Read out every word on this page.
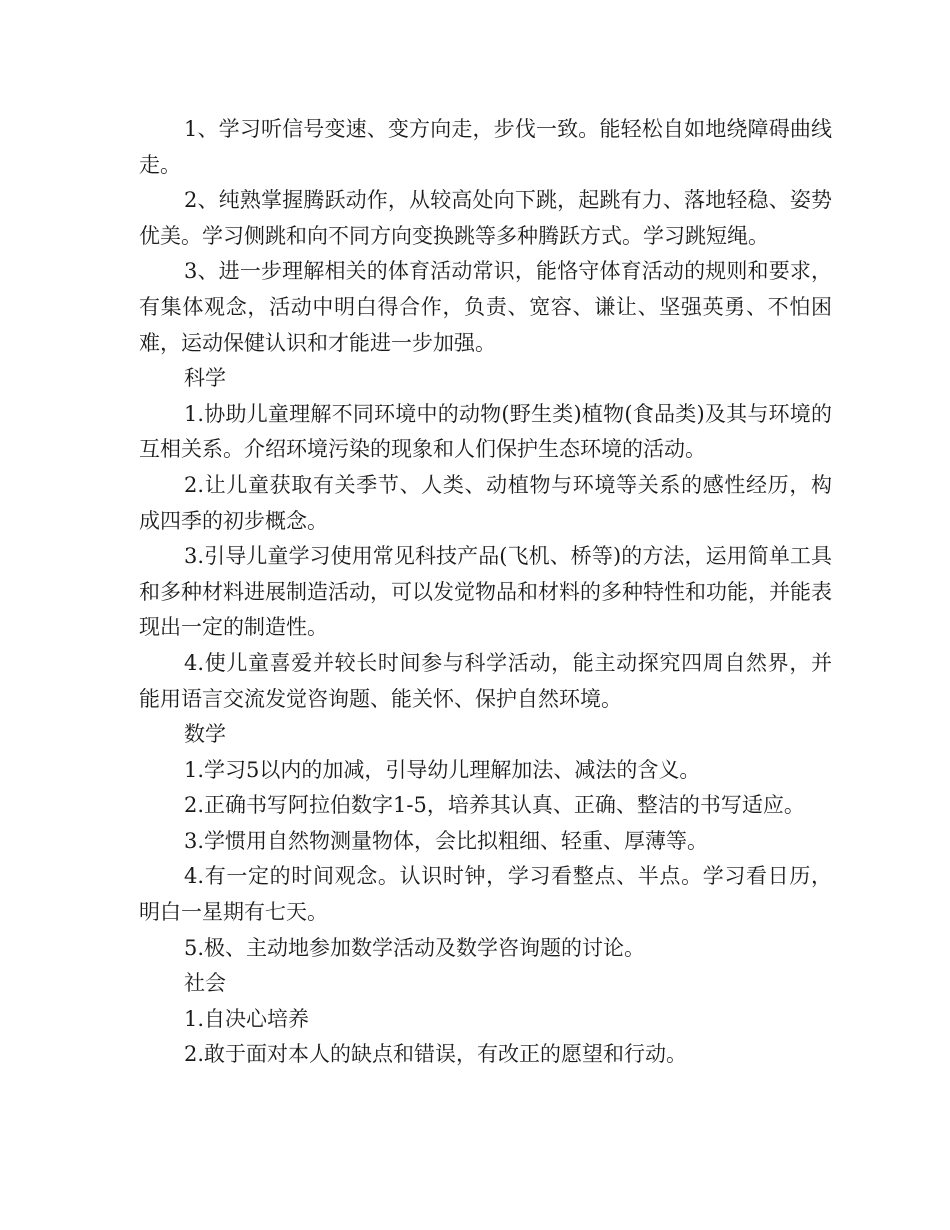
1、学习听信号变速、变方向走，步伐一致。能轻松自如地绕障碍曲线走。

2、纯熟掌握腾跃动作，从较高处向下跳，起跳有力、落地轻稳、姿势优美。学习侧跳和向不同方向变换跳等多种腾跃方式。学习跳短绳。

3、进一步理解相关的体育活动常识，能恪守体育活动的规则和要求，有集体观念，活动中明白得合作，负责、宽容、谦让、坚强英勇、不怕困难，运动保健认识和才能进一步加强。

科学

1.协助儿童理解不同环境中的动物(野生类)植物(食品类)及其与环境的互相关系。介绍环境污染的现象和人们保护生态环境的活动。

2.让儿童获取有关季节、人类、动植物与环境等关系的感性经历，构成四季的初步概念。

3.引导儿童学习使用常见科技产品(飞机、桥等)的方法，运用简单工具和多种材料进展制造活动，可以发觉物品和材料的多种特性和功能，并能表现出一定的制造性。

4.使儿童喜爱并较长时间参与科学活动，能主动探究四周自然界，并能用语言交流发觉咨询题、能关怀、保护自然环境。

数学

1.学习5以内的加减，引导幼儿理解加法、减法的含义。

2.正确书写阿拉伯数字1-5，培养其认真、正确、整洁的书写适应。

3.学惯用自然物测量物体，会比拟粗细、轻重、厚薄等。

4.有一定的时间观念。认识时钟，学习看整点、半点。学习看日历，明白一星期有七天。

5.极、主动地参加数学活动及数学咨询题的讨论。

社会

1.自决心培养

2.敢于面对本人的缺点和错误，有改正的愿望和行动。
